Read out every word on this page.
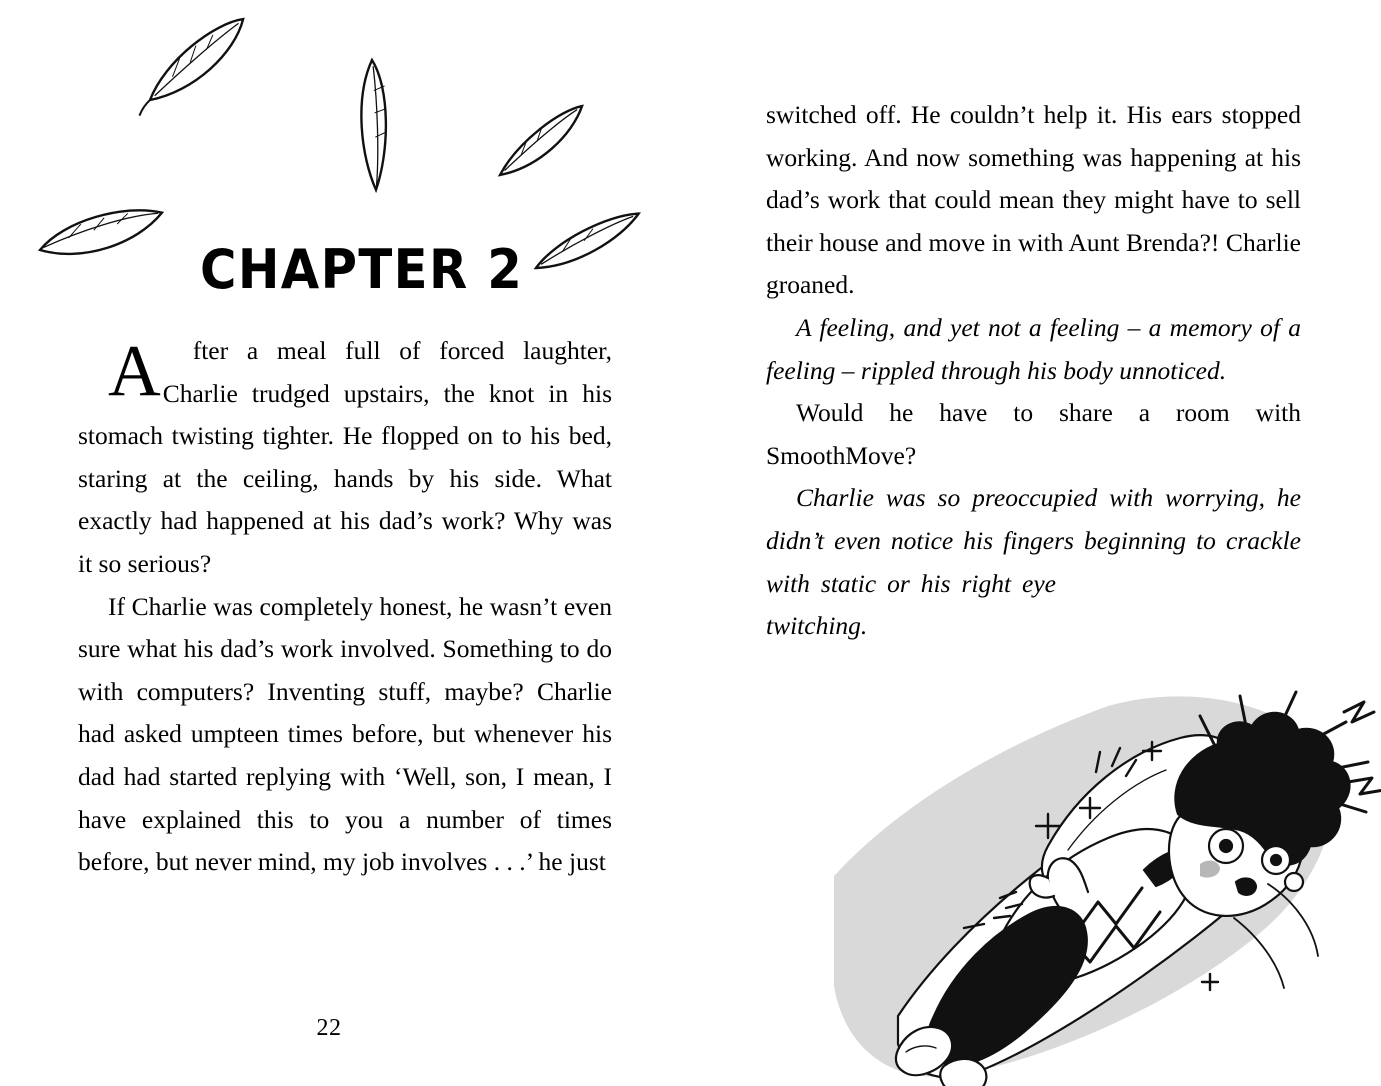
CHAPTER 2

A fter a meal full of forced laughter, Charlie trudged upstairs, the knot in his stomach twisting tighter. He flopped on to his bed, staring at the ceiling, hands by his side. What exactly had happened at his dad’s work? Why was it so serious?

If Charlie was completely honest, he wasn’t even sure what his dad’s work involved. Something to do with computers? Inventing stuff, maybe? Charlie had asked umpteen times before, but whenever his dad had started replying with ‘Well, son, I mean, I have explained this to you a number of times before, but never mind, my job involves . . .’ he just

22

switched off. He couldn’t help it. His ears stopped working. And now something was happening at his dad’s work that could mean they might have to sell their house and move in with Aunt Brenda?! Charlie groaned.

A feeling, and yet not a feeling – a memory of a feeling – rippled through his body unnoticed.

Would he have to share a room with SmoothMove?

Charlie was so preoccupied with worrying, he didn’t even notice his fingers beginning to crackle with static or his right eye twitching.
